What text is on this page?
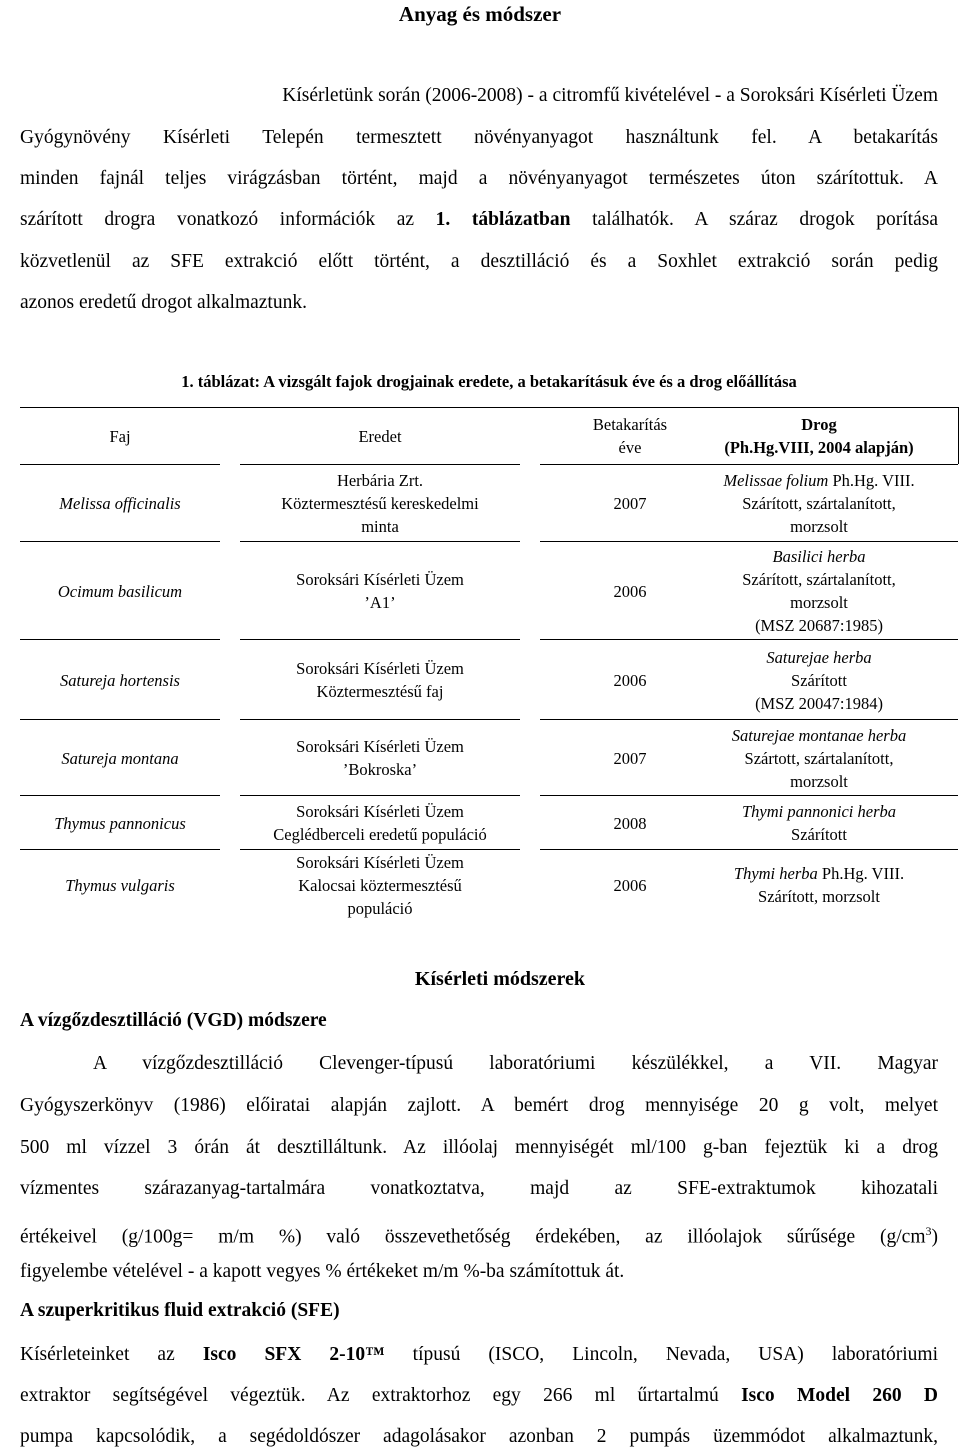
Anyag és módszer
Kísérletünk során (2006-2008) - a citromfű kivételével - a Soroksári Kísérleti Üzem
Gyógynövény Kísérleti Telepén termesztett növényanyagot használtunk fel. A betakarítás
minden fajnál teljes virágzásban történt, majd a növényanyagot természetes úton szárítottuk. A
szárított drogra vonatkozó információk az 1. táblázatban találhatók. A száraz drogok porítása
közvetlenül az SFE extrakció előtt történt, a desztilláció és a Soxhlet extrakció során pedig
azonos eredetű drogot alkalmaztunk.
1. táblázat: A vizsgált fajok drogjainak eredete, a betakarításuk éve és a drog előállítása
Faj	Eredet
Betakarítás
éve
Drog
(Ph.Hg.VIII, 2004 alapján)
Melissa officinalis
Herbária Zrt.
Köztermesztésű kereskedelmi
minta
2007
Melissae folium Ph.Hg. VIII.
Szárított, szártalanított,
morzsolt
Ocimum basilicum
Soroksári Kísérleti Üzem
’A1’
2006
Basilici herba
Szárított, szártalanított,
morzsolt
(MSZ 20687:1985)
Satureja hortensis
Soroksári Kísérleti Üzem
Köztermesztésű faj
2006
Saturejae herba
Szárított
(MSZ 20047:1984)
Satureja montana
Soroksári Kísérleti Üzem
’Bokroska’
2007
Saturejae montanae herba
Szártott, szártalanított,
morzsolt
Thymus pannonicus
Soroksári Kísérleti Üzem
Ceglédberceli eredetű populáció
2008
Thymi pannonici herba
Szárított
Thymus vulgaris
Soroksári Kísérleti Üzem
Kalocsai köztermesztésű
populáció
2006
Thymi herba Ph.Hg. VIII.
Szárított, morzsolt
Kísérleti módszerek
A vízgőzdesztilláció (VGD) módszere
A vízgőzdesztilláció Clevenger-típusú laboratóriumi készülékkel, a VII. Magyar
Gyógyszerkönyv (1986) előiratai alapján zajlott. A bemért drog mennyisége 20 g volt, melyet
500 ml vízzel 3 órán át desztilláltunk. Az illóolaj mennyiségét ml/100 g-ban fejeztük ki a drog
vízmentes szárazanyag-tartalmára vonatkoztatva, majd az SFE-extraktumok kihozatali
értékeivel (g/100g= m/m %) való összevethetőség érdekében, az illóolajok sűrűsége $(g/cm^3)$
figyelembe vételével - a kapott vegyes % értékeket m/m %-ba számítottuk át.
A szuperkritikus fluid extrakció (SFE)
Kísérleteinket az Isco SFX 2-10™ típusú (ISCO, Lincoln, Nevada, USA) laboratóriumi
extraktor segítségével végeztük. Az extraktorhoz egy 266 ml űrtartalmú Isco Model 260 D
pumpa kapcsolódik, a segédoldószer adagolásakor azonban 2 pumpás üzemmódot alkalmaztunk,
